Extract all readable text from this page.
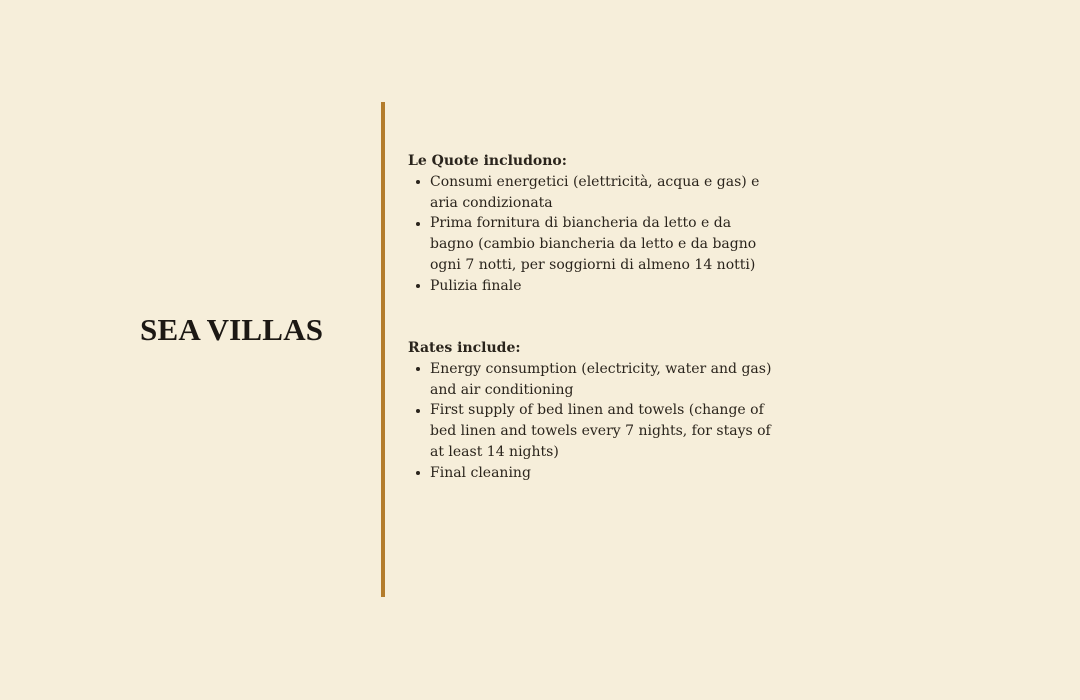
SEA VILLAS

Le Quote includono:

Consumi energetici (elettricità, acqua e gas) e aria condizionata
Prima fornitura di biancheria da letto e da bagno (cambio biancheria da letto e da bagno ogni 7 notti, per soggiorni di almeno 14 notti)
Pulizia finale

Rates include:

Energy consumption (electricity, water and gas) and air conditioning
First supply of bed linen and towels (change of bed linen and towels every 7 nights, for stays of at least 14 nights)
Final cleaning
